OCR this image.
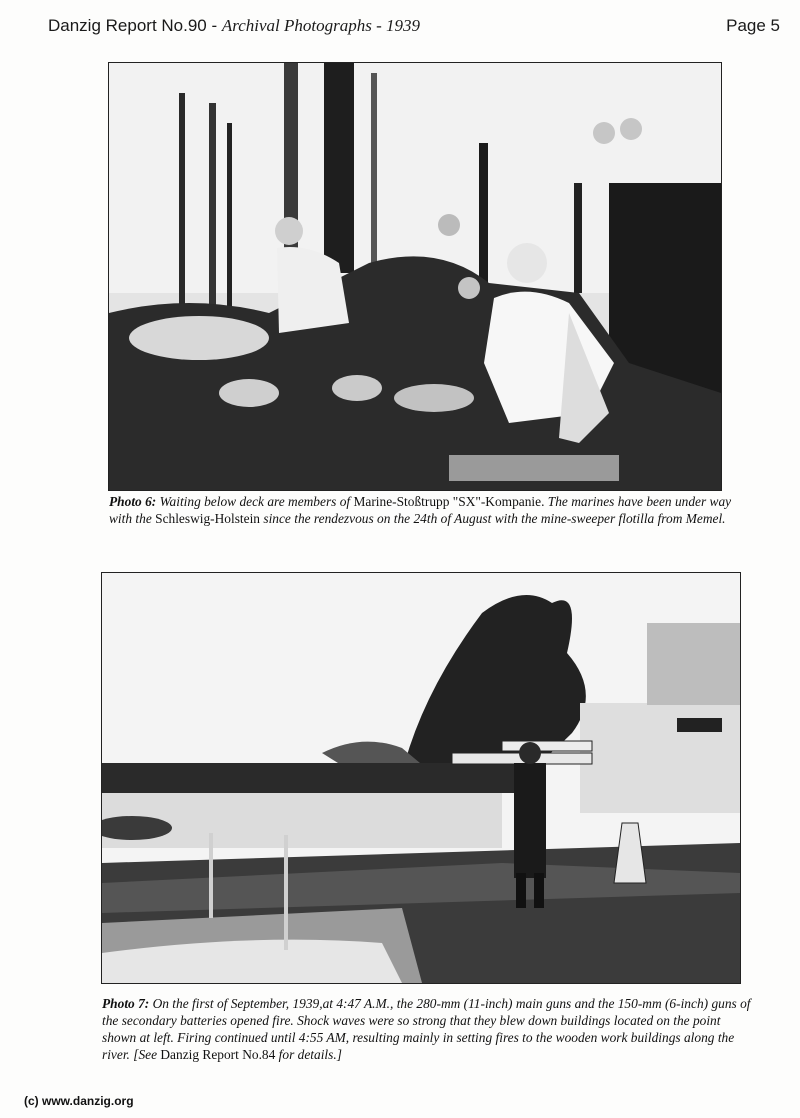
Danzig Report No.90 - Archival Photographs - 1939	Page 5
Photo 6: Waiting below deck are members of Marine-Stoßtrupp "SX"-Kompanie. The marines have been under way with the Schleswig-Holstein since the rendezvous on the 24th of August with the mine-sweeper flotilla from Memel.
Photo 7: On the first of September, 1939,at 4:47 A.M., the 280-mm (11-inch) main guns and the 150-mm (6-inch) guns of the secondary batteries opened fire. Shock waves were so strong that they blew down buildings located on the point shown at left. Firing continued until 4:55 AM, resulting mainly in setting fires to the wooden work buildings along the river. [See Danzig Report No.84 for details.]
(c) www.danzig.org
